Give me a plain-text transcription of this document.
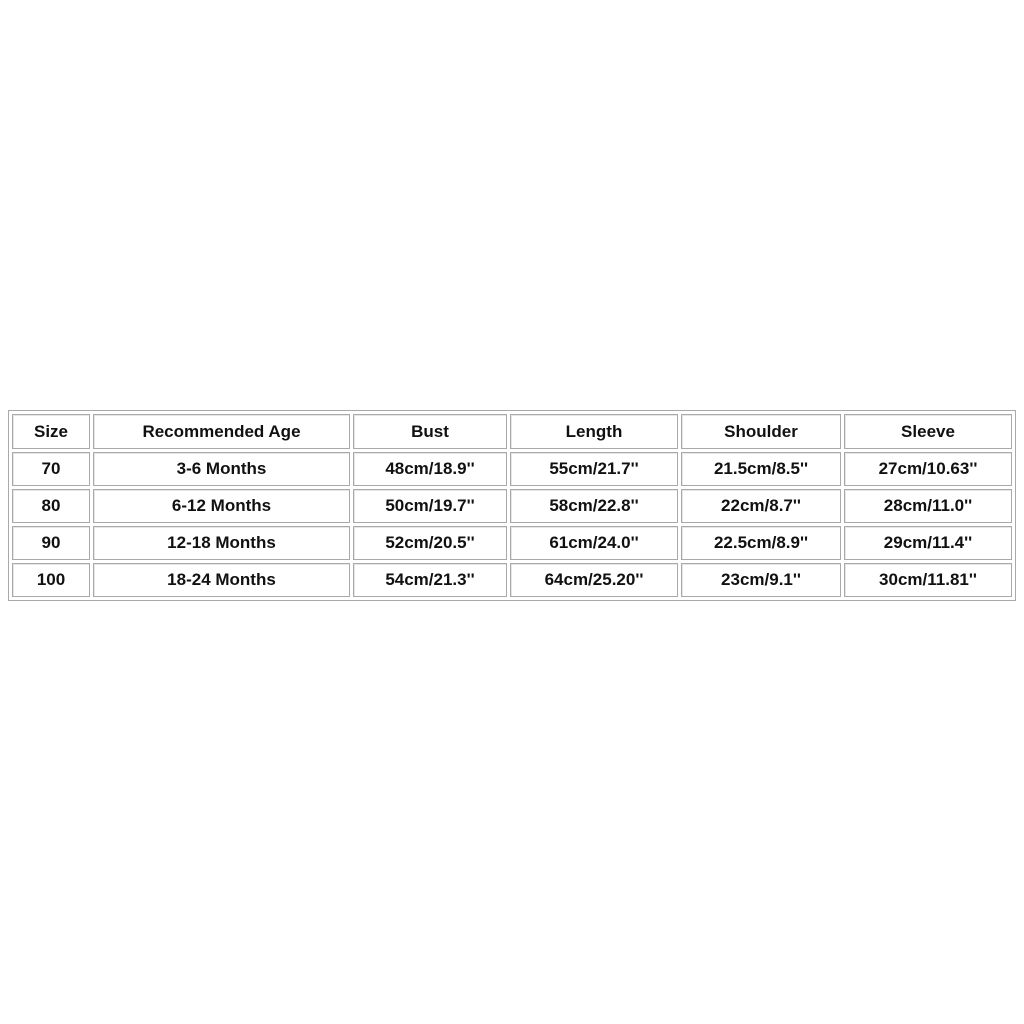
Size	Recommended Age	Bust	Length	Shoulder	Sleeve
70	3-6 Months	48cm/18.9''	55cm/21.7''	21.5cm/8.5''	27cm/10.63''
80	6-12 Months	50cm/19.7''	58cm/22.8''	22cm/8.7''	28cm/11.0''
90	12-18 Months	52cm/20.5''	61cm/24.0''	22.5cm/8.9''	29cm/11.4''
100	18-24 Months	54cm/21.3''	64cm/25.20''	23cm/9.1''	30cm/11.81''
